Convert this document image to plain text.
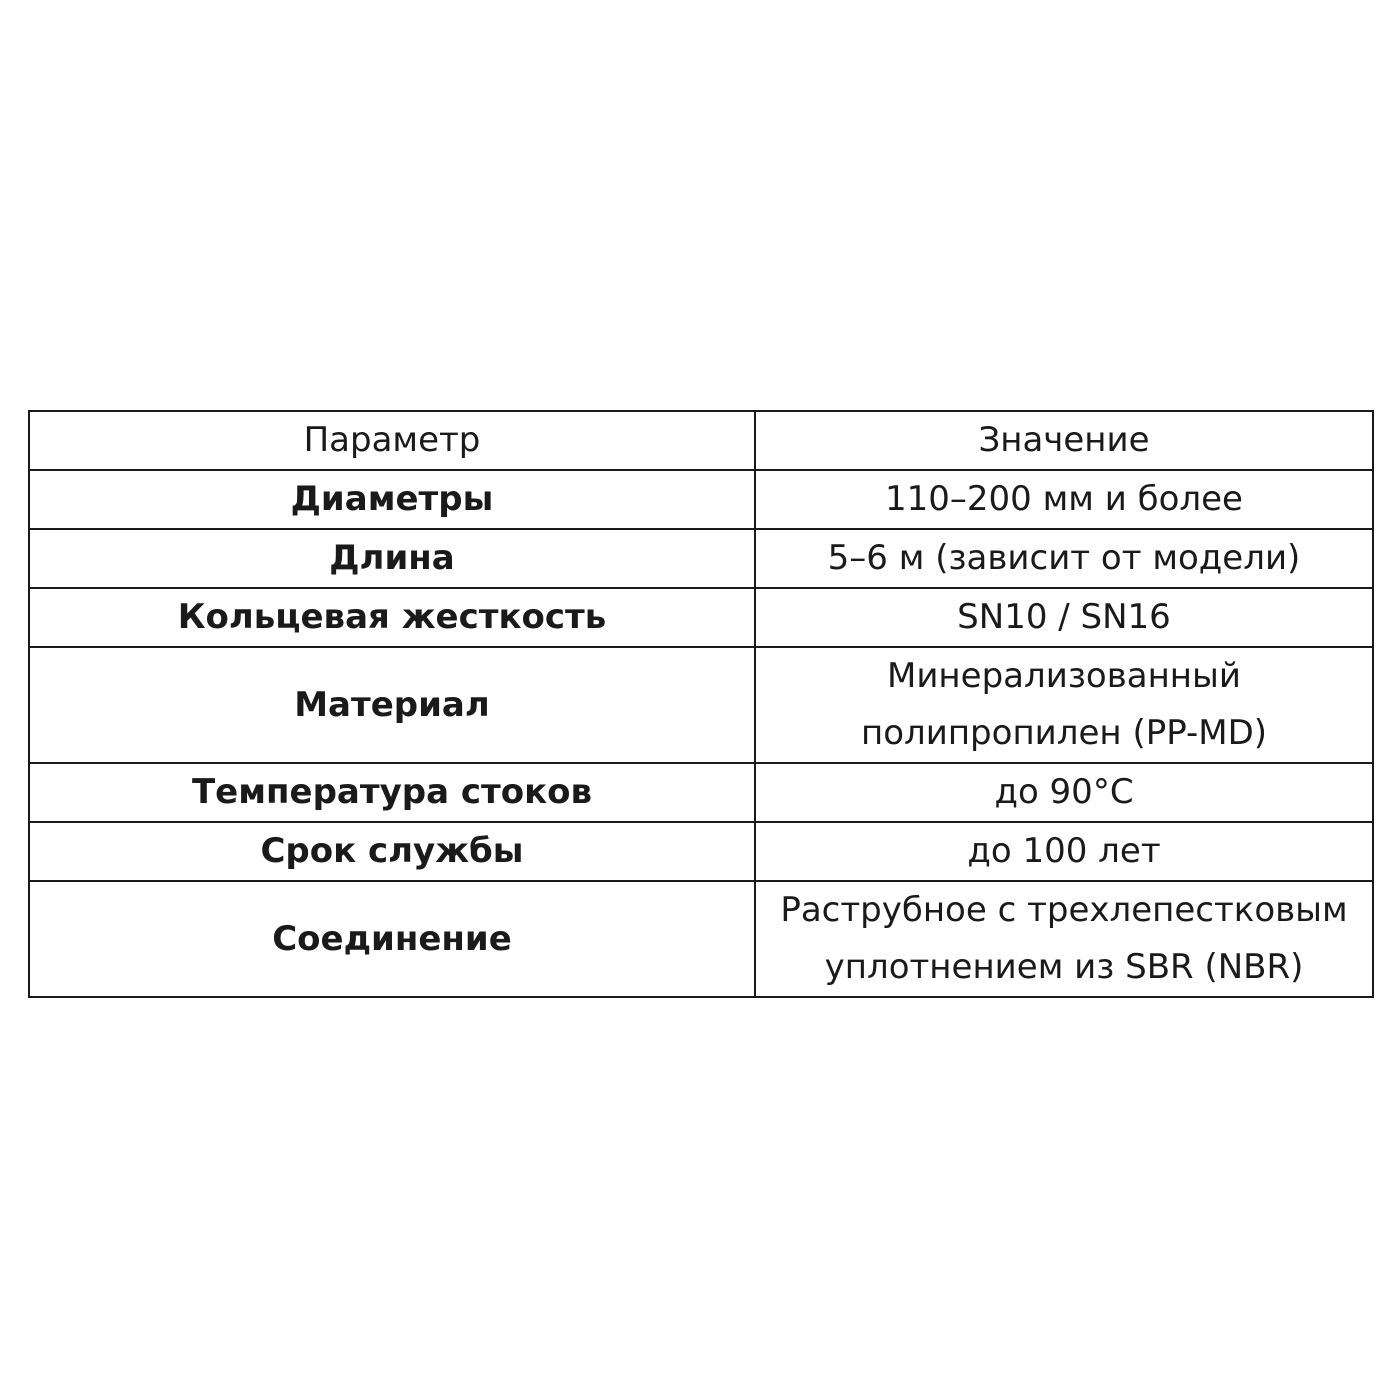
Параметр	Значение
Диаметры	110–200 мм и более

Длина	5–6 м (зависит от модели)

Кольцевая жесткость	SN10 / SN16

Материал	Минерализованный
полипропилен (PP-MD)

Температура стоков	до 90°C

Срок службы	до 100 лет

Соединение	Раструбное с трехлепестковым
уплотнением из SBR (NBR)
